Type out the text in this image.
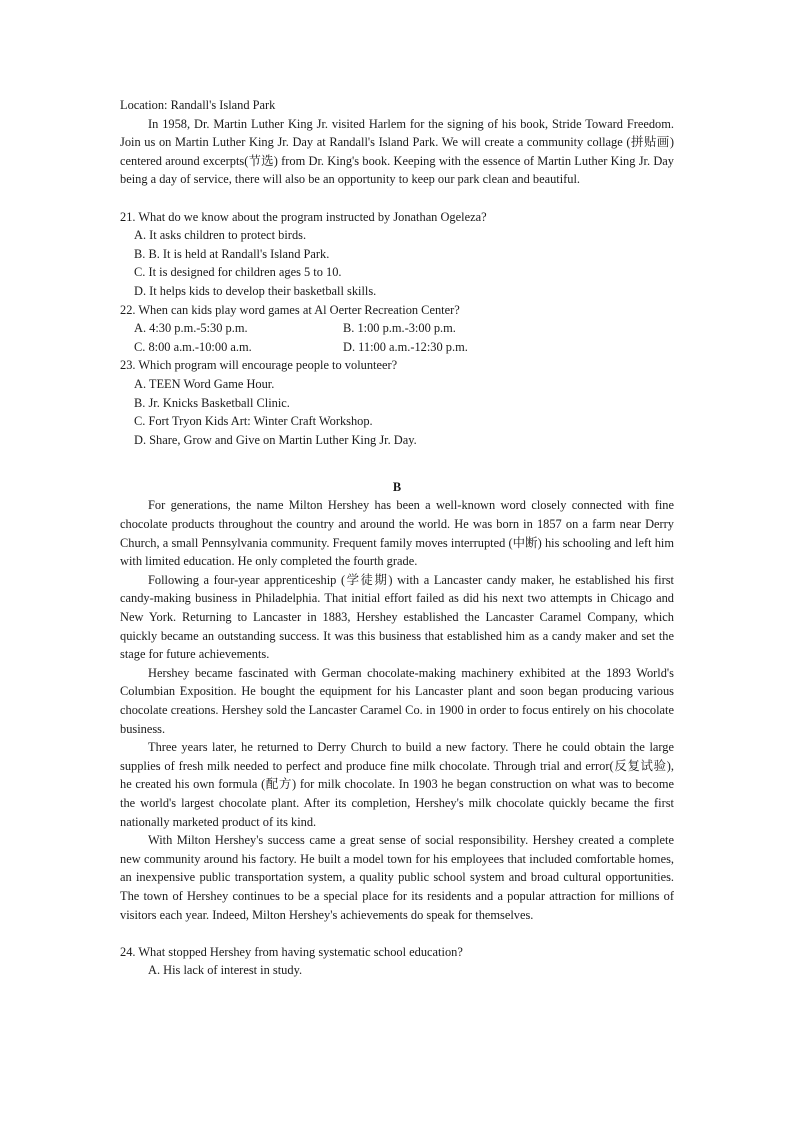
Location: Randall's Island Park

In 1958, Dr. Martin Luther King Jr. visited Harlem for the signing of his book, Stride Toward Freedom. Join us on Martin Luther King Jr. Day at Randall's Island Park. We will create a community collage (拼贴画) centered around excerpts(节选) from Dr. King's book. Keeping with the essence of Martin Luther King Jr. Day being a day of service, there will also be an opportunity to keep our park clean and beautiful.

21. What do we know about the program instructed by Jonathan Ogeleza?

A. It asks children to protect birds.

B. B. It is held at Randall's Island Park.

C. It is designed for children ages 5 to 10.

D. It helps kids to develop their basketball skills.

22. When can kids play word games at Al Oerter Recreation Center?

A. 4:30 p.m.-5:30 p.m.	B. 1:00 p.m.-3:00 p.m.
C. 8:00 a.m.-10:00 a.m.	D. 11:00 a.m.-12:30 p.m.

23. Which program will encourage people to volunteer?

A. TEEN Word Game Hour.

B. Jr. Knicks Basketball Clinic.

C. Fort Tryon Kids Art: Winter Craft Workshop.

D. Share, Grow and Give on Martin Luther King Jr. Day.

B

For generations, the name Milton Hershey has been a well-known word closely connected with fine chocolate products throughout the country and around the world. He was born in 1857 on a farm near Derry Church, a small Pennsylvania community. Frequent family moves interrupted (中断) his schooling and left him with limited education. He only completed the fourth grade.

Following a four-year apprenticeship (学徒期) with a Lancaster candy maker, he established his first candy-making business in Philadelphia. That initial effort failed as did his next two attempts in Chicago and New York. Returning to Lancaster in 1883, Hershey established the Lancaster Caramel Company, which quickly became an outstanding success. It was this business that established him as a candy maker and set the stage for future achievements.

Hershey became fascinated with German chocolate-making machinery exhibited at the 1893 World's Columbian Exposition. He bought the equipment for his Lancaster plant and soon began producing various chocolate creations. Hershey sold the Lancaster Caramel Co. in 1900 in order to focus entirely on his chocolate business.

Three years later, he returned to Derry Church to build a new factory. There he could obtain the large supplies of fresh milk needed to perfect and produce fine milk chocolate. Through trial and error(反复试验), he created his own formula (配方) for milk chocolate. In 1903 he began construction on what was to become the world's largest chocolate plant. After its completion, Hershey's milk chocolate quickly became the first nationally marketed product of its kind.

With Milton Hershey's success came a great sense of social responsibility. Hershey created a complete new community around his factory. He built a model town for his employees that included comfortable homes, an inexpensive public transportation system, a quality public school system and broad cultural opportunities. The town of Hershey continues to be a special place for its residents and a popular attraction for millions of visitors each year. Indeed, Milton Hershey's achievements do speak for themselves.

24. What stopped Hershey from having systematic school education?

A. His lack of interest in study.
